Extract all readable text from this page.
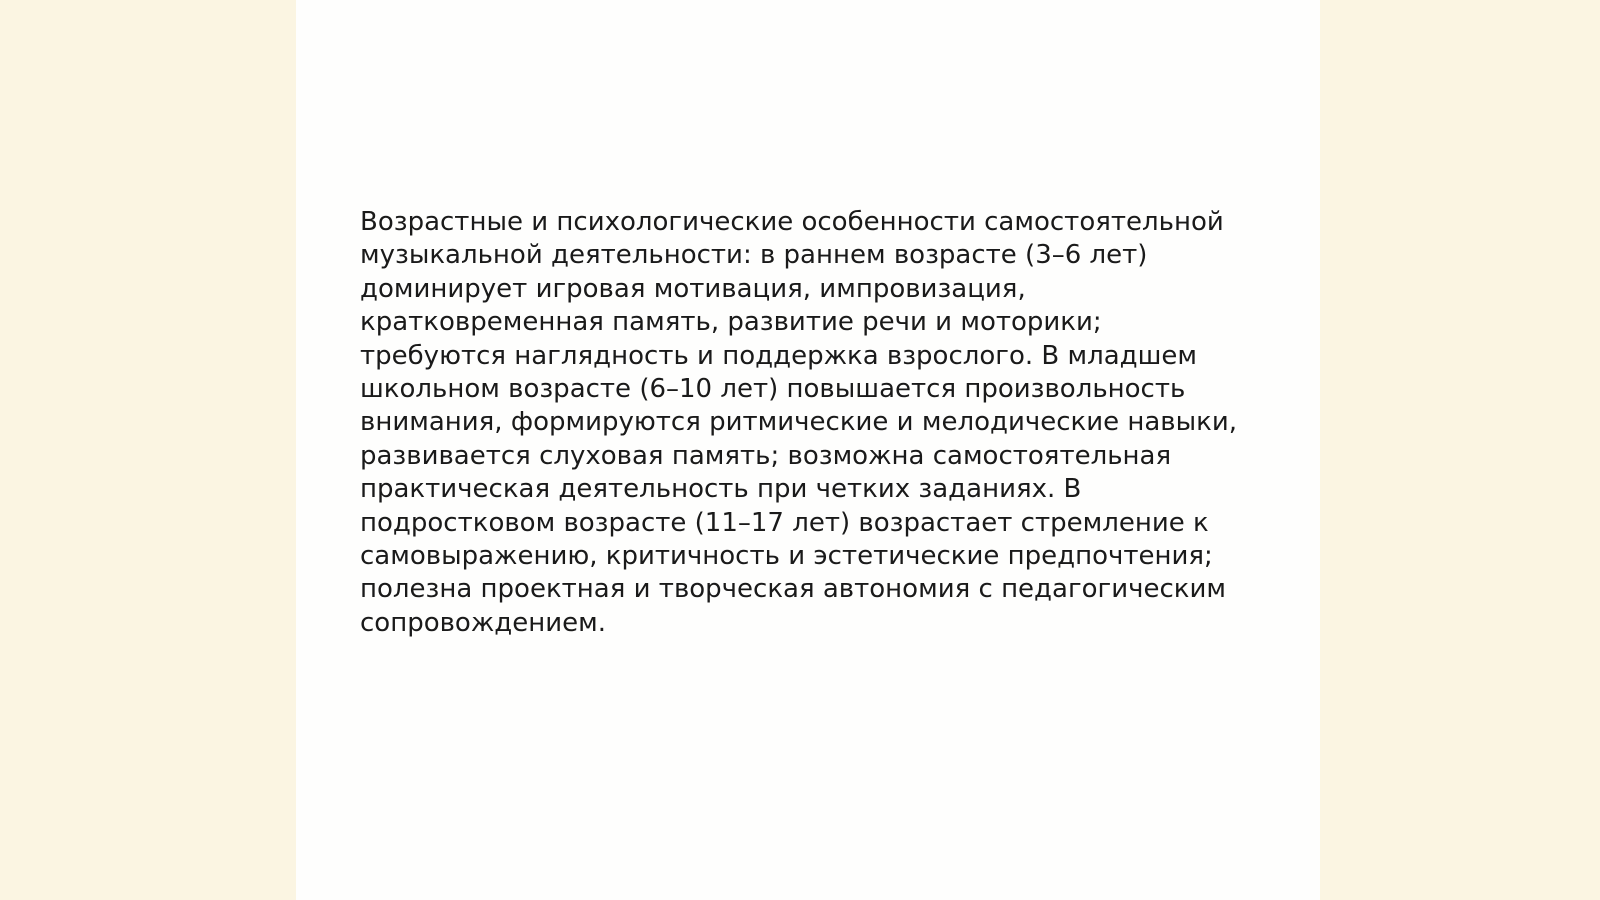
Возрастные и психологические особенности самостоятельной
музыкальной деятельности: в раннем возрасте (3–6 лет)
доминирует игровая мотивация, импровизация,
кратковременная память, развитие речи и моторики;
требуются наглядность и поддержка взрослого. В младшем
школьном возрасте (6–10 лет) повышается произвольность
внимания, формируются ритмические и мелодические навыки,
развивается слуховая память; возможна самостоятельная
практическая деятельность при четких заданиях. В
подростковом возрасте (11–17 лет) возрастает стремление к
самовыражению, критичность и эстетические предпочтения;
полезна проектная и творческая автономия с педагогическим
сопровождением.
